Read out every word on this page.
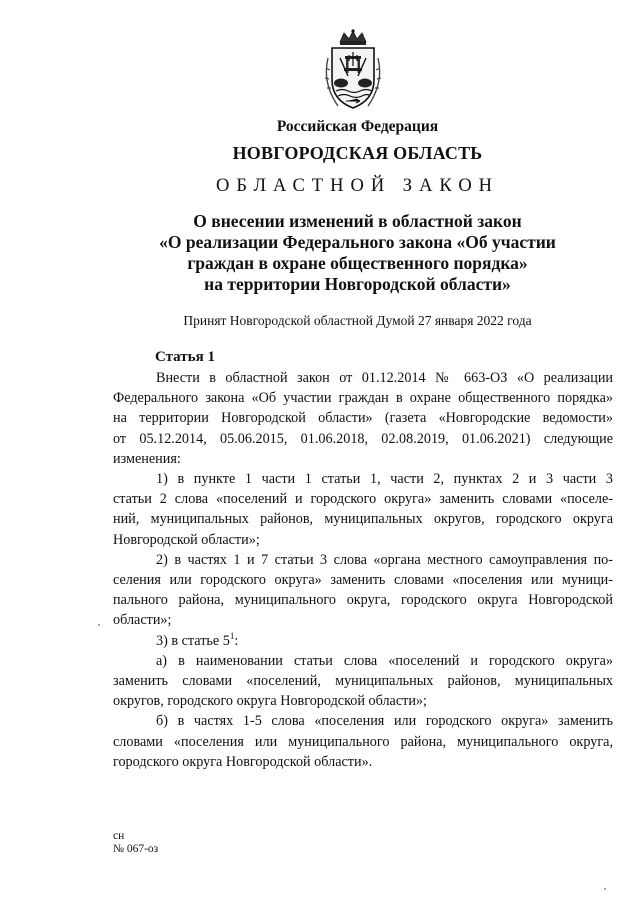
Российская Федерация
НОВГОРОДСКАЯ ОБЛАСТЬ
ОБЛАСТНОЙ ЗАКОН
О внесении изменений в областной закон
«О реализации Федерального закона «Об участии
граждан в охране общественного порядка»
на территории Новгородской области»
Принят Новгородской областной Думой 27 января 2022 года
Статья 1
Внести в областной закон от 01.12.2014 № 663-ОЗ «О реализации
Федерального закона «Об участии граждан в охране общественного порядка»
на территории Новгородской области» (газета «Новгородские ведомости»
от 05.12.2014, 05.06.2015, 01.06.2018, 02.08.2019, 01.06.2021) следующие
изменения:
1) в пункте 1 части 1 статьи 1, части 2, пунктах 2 и 3 части 3
статьи 2 слова «поселений и городского округа» заменить словами «поселе-
ний, муниципальных районов, муниципальных округов, городского округа
Новгородской области»;
2) в частях 1 и 7 статьи 3 слова «органа местного самоуправления по-
селения или городского округа» заменить словами «поселения или муници-
пального района, муниципального округа, городского округа Новгородской
области»;
3) в статье $5^1$:
а) в наименовании статьи слова «поселений и городского округа»
заменить словами «поселений, муниципальных районов, муниципальных
округов, городского округа Новгородской области»;
б) в частях 1-5 слова «поселения или городского округа» заменить
словами «поселения или муниципального района, муниципального округа,
городского округа Новгородской области».
сн
№ 067-оз
